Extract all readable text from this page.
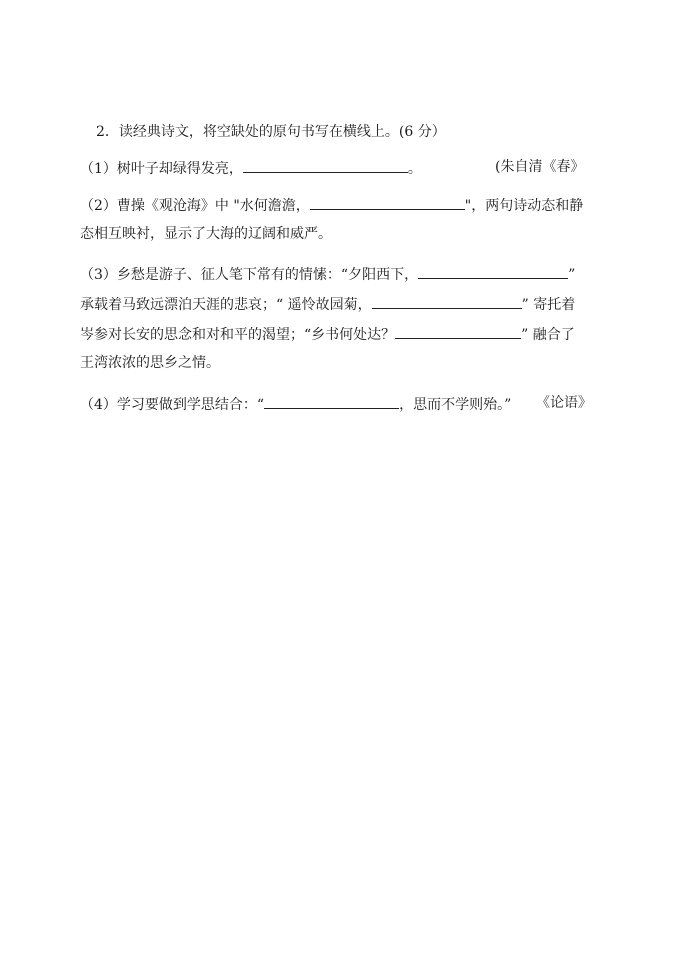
2．读经典诗文，将空缺处的原句书写在横线上。(6 分）
（1）树叶子却绿得发亮，	。	(朱自清《春》
（2）曹操《观沧海》中 "水何澹澹，	"，两句诗动态和静
态相互映衬，显示了大海的辽阔和威严。
（3）乡愁是游子、征人笔下常有的情愫：“夕阳西下，	”
承载着马致远漂泊天涯的悲哀；“ 遥怜故园菊，	” 寄托着
岑参对长安的思念和对和平的渴望；“乡书何处达？	” 融合了
王湾浓浓的思乡之情。
（4）学习要做到学思结合：“	，思而不学则殆。” 《论语》
